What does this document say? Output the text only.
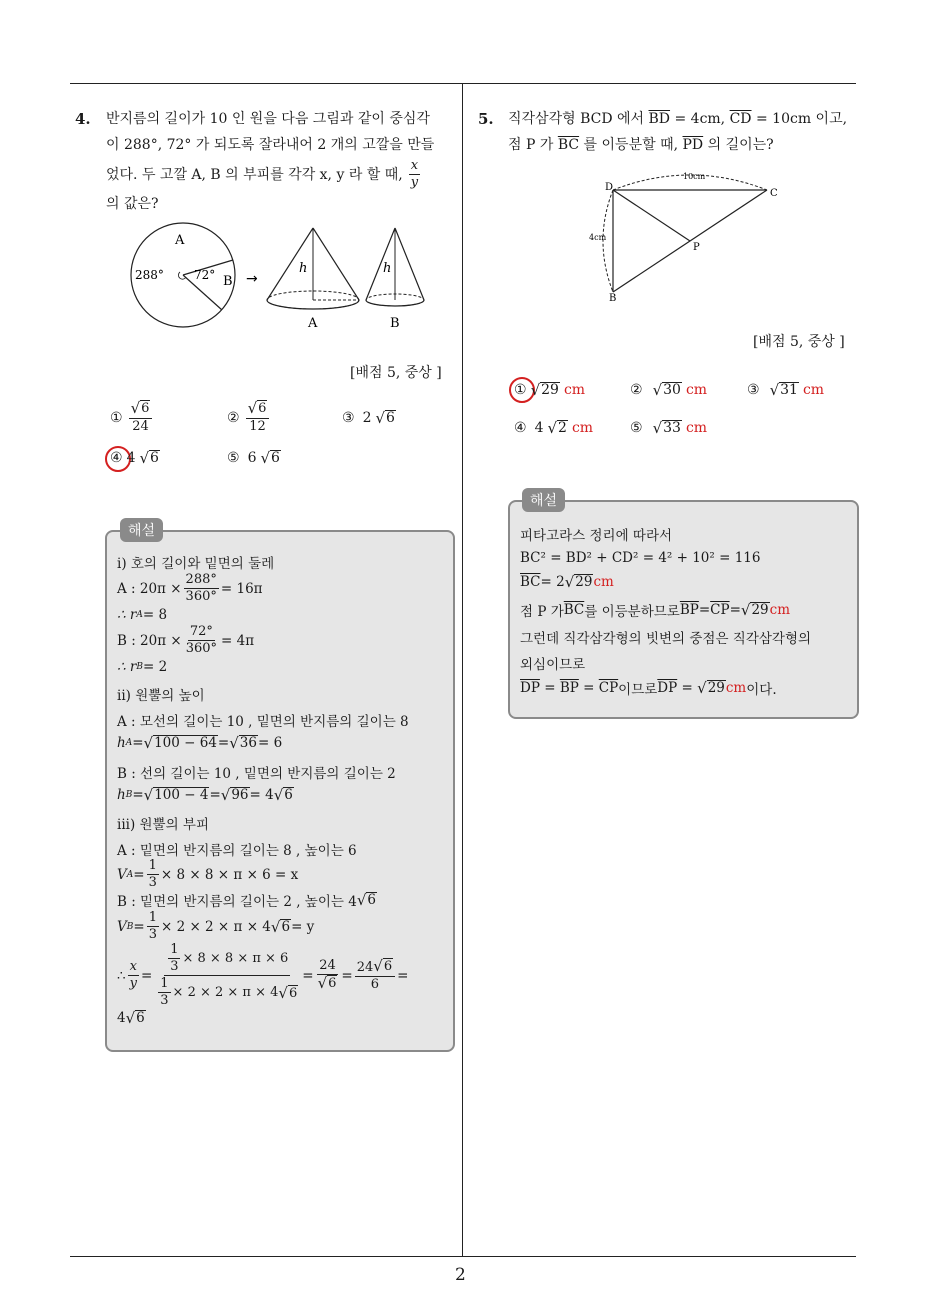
2
4. 반지름의 길이가 10 인 원을 다음 그림과 같이 중심각
이 288°, 72° 가 되도록 잘라내어 2 개의 고깔을 만들
었다. 두 고깔 A, B 의 부피를 각각 x, y 라 할 때, $\frac{x}{y}$
의 값은?
A
B
288°	72° →
h
A
h
B
[배점 5, 중상 ]
① $\frac{√ 6}{24}$	② $\frac{√ 6}{12}$	③ 2 √ 6
④ 4 √ 6	⑤ 6 √ 6
i) 호의 길이와 밑면의 둘레
A : $20\pi \times \frac{288^\circ}{360^\circ} = 16\pi$
∴ r A = 8
B : $20\pi \times \frac{72^\circ}{360^\circ} = 4\pi$
∴ r B = 2
ii) 원뿔의 높이
A : 모선의 길이는 10 , 밑면의 반지름의 길이는 8
h A = √ 100 − 64 = √ 36 = 6
B : 선의 길이는 10 , 밑면의 반지름의 길이는 2
h B = √ 100 − 4 = √ 96 = 4 √ 6
iii) 원뿔의 부피
A : 밑면의 반지름의 길이는 8 , 높이는 6
V $A = \frac{1}{3} \times 8 \times 8 \times \pi \times 6 = x$
B : 밑면의 반지름의 길이는 2 , 높이는 4 √ 6
V $B = \frac{1}{3} \times 2 \times 2 \times \pi \times 4$ √ 6 = y
∴ $\frac{x}{y} = \frac{\frac{1}{3} \times 8 \times 8 \times \pi \times 6}{\frac{1}{3} \times 2 \times 2 \times \pi \times 4 √ 6} = \frac{24}{√ 6} = \frac{24 √ 6}{6}$ =
4 √ 6
해설
5. 직각삼각형 BCD 에서 $\overline{BD} = 4cm$, $\overline{CD} = 10cm$ 이고,
점 P 가 $\overline{BC}$ 를 이등분할 때, $\overline{PD}$ 의 길이는?
D
C
B
P
10cm
4cm
[배점 5, 중상 ]
① √ 29 cm	② √ 30 cm	③ √ 31 cm
④ 4 √ 2 cm	⑤ √ 33 cm
피타고라스 정리에 따라서
BC² = BD² + CD² = 4² + 10² = 116
$\overline{BC} = 2$ √ 29 cm
점 P 가 $\overline{BC}$ 를 이등분하므로 $\overline{BP} = \overline{CP}$ = √ 29 cm
그런데 직각삼각형의 빗변의 중점은 직각삼각형의
외심이므로
$\overline{DP} = \overline{BP} = \overline{CP}$ 이므로 $\overline{DP}$ = √ 29 cm 이다.
해설
